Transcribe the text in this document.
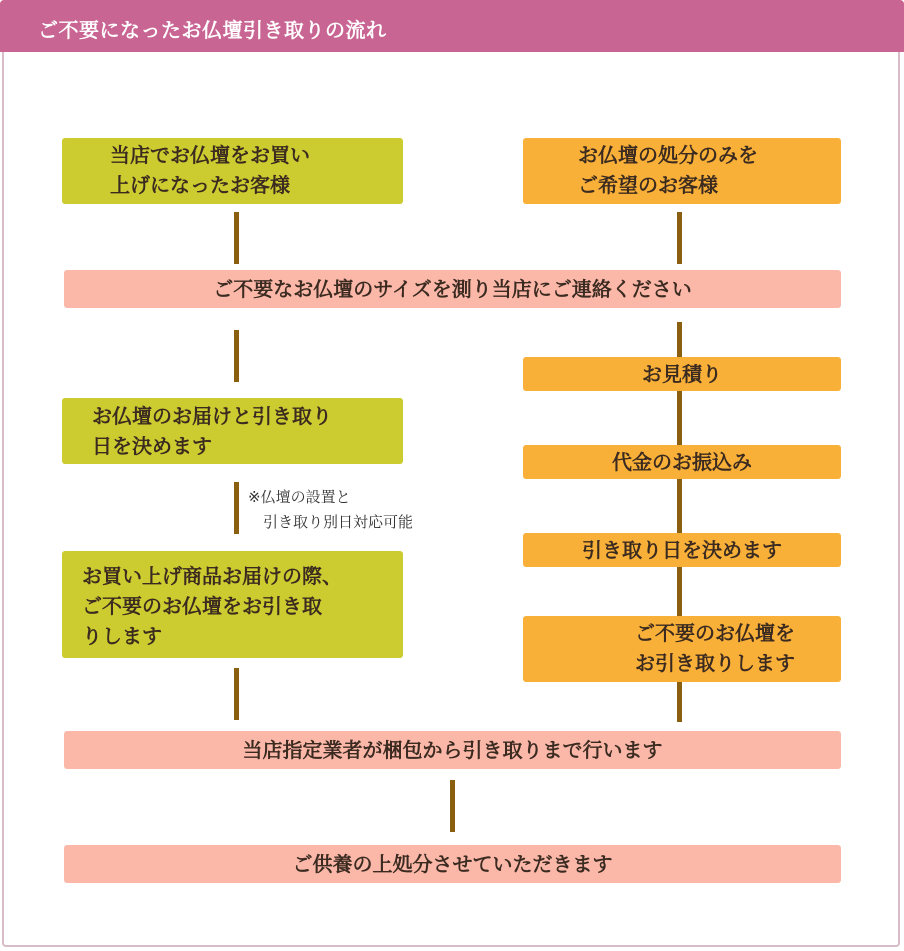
ご不要になったお仏壇引き取りの流れ
当店でお仏壇をお買い
上げになったお客様
お仏壇の処分のみを
ご希望のお客様
ご不要なお仏壇のサイズを測り当店にご連絡ください
お仏壇のお届けと引き取り
日を決めます
※仏壇の設置と
　引き取り別日対応可能
お買い上げ商品お届けの際、
ご不要のお仏壇をお引き取
りします
お見積り
代金のお振込み
引き取り日を決めます
ご不要のお仏壇を
お引き取りします
当店指定業者が梱包から引き取りまで行います
ご供養の上処分させていただきます
